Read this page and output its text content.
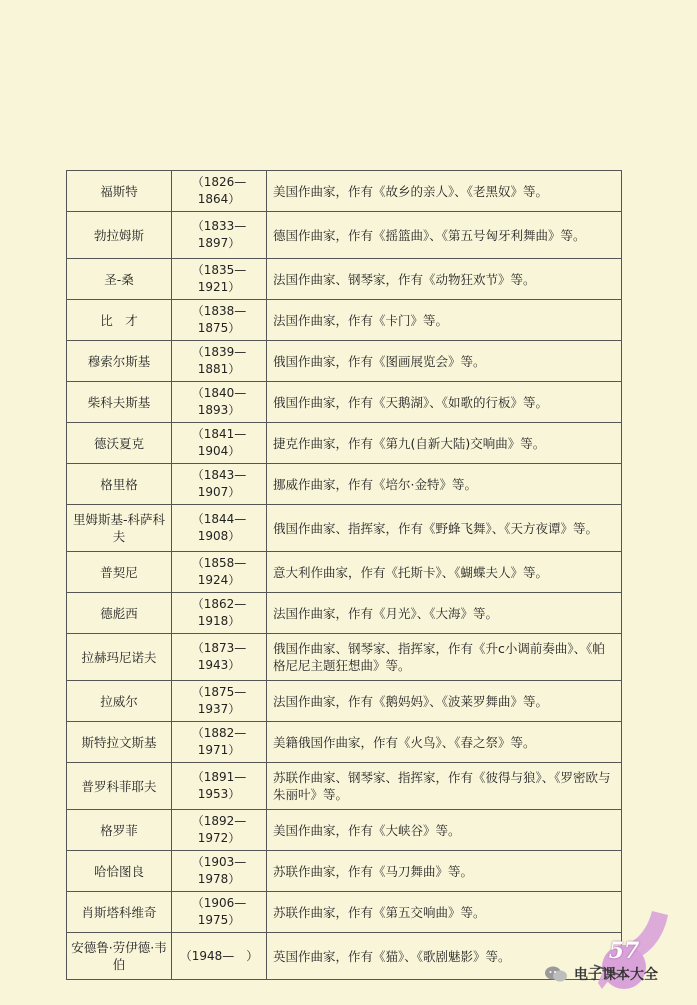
福斯特	（1826—1864）	美国作曲家，作有《故乡的亲人》、《老黑奴》等。
勃拉姆斯	（1833—1897）	德国作曲家，作有《摇篮曲》、《第五号匈牙利舞曲》等。
圣-桑	（1835—1921）	法国作曲家、钢琴家，作有《动物狂欢节》等。
比　才	（1838—1875）	法国作曲家，作有《卡门》等。
穆索尔斯基	（1839—1881）	俄国作曲家，作有《图画展览会》等。
柴科夫斯基	（1840—1893）	俄国作曲家，作有《天鹅湖》、《如歌的行板》等。
德沃夏克	（1841—1904）	捷克作曲家，作有《第九(自新大陆)交响曲》等。
格里格	（1843—1907）	挪威作曲家，作有《培尔·金特》等。
里姆斯基-科萨科夫	（1844—1908）	俄国作曲家、指挥家，作有《野蜂飞舞》、《天方夜谭》等。
普契尼	（1858—1924）	意大利作曲家，作有《托斯卡》、《蝴蝶夫人》等。
德彪西	（1862—1918）	法国作曲家，作有《月光》、《大海》等。
拉赫玛尼诺夫	（1873—1943）	俄国作曲家、钢琴家、指挥家，作有《升c小调前奏曲》、《帕格尼尼主题狂想曲》等。
拉威尔	（1875—1937）	法国作曲家，作有《鹅妈妈》、《波莱罗舞曲》等。
斯特拉文斯基	（1882—1971）	美籍俄国作曲家，作有《火鸟》、《春之祭》等。
普罗科菲耶夫	（1891—1953）	苏联作曲家、钢琴家、指挥家，作有《彼得与狼》、《罗密欧与朱丽叶》等。
格罗菲	（1892—1972）	美国作曲家，作有《大峡谷》等。
哈恰图良	（1903—1978）	苏联作曲家，作有《马刀舞曲》等。
肖斯塔科维奇	（1906—1975）	苏联作曲家，作有《第五交响曲》等。
安德鲁·劳伊德·韦伯	（1948—　）	英国作曲家，作有《猫》、《歌剧魅影》等。	57
电子课本大全
